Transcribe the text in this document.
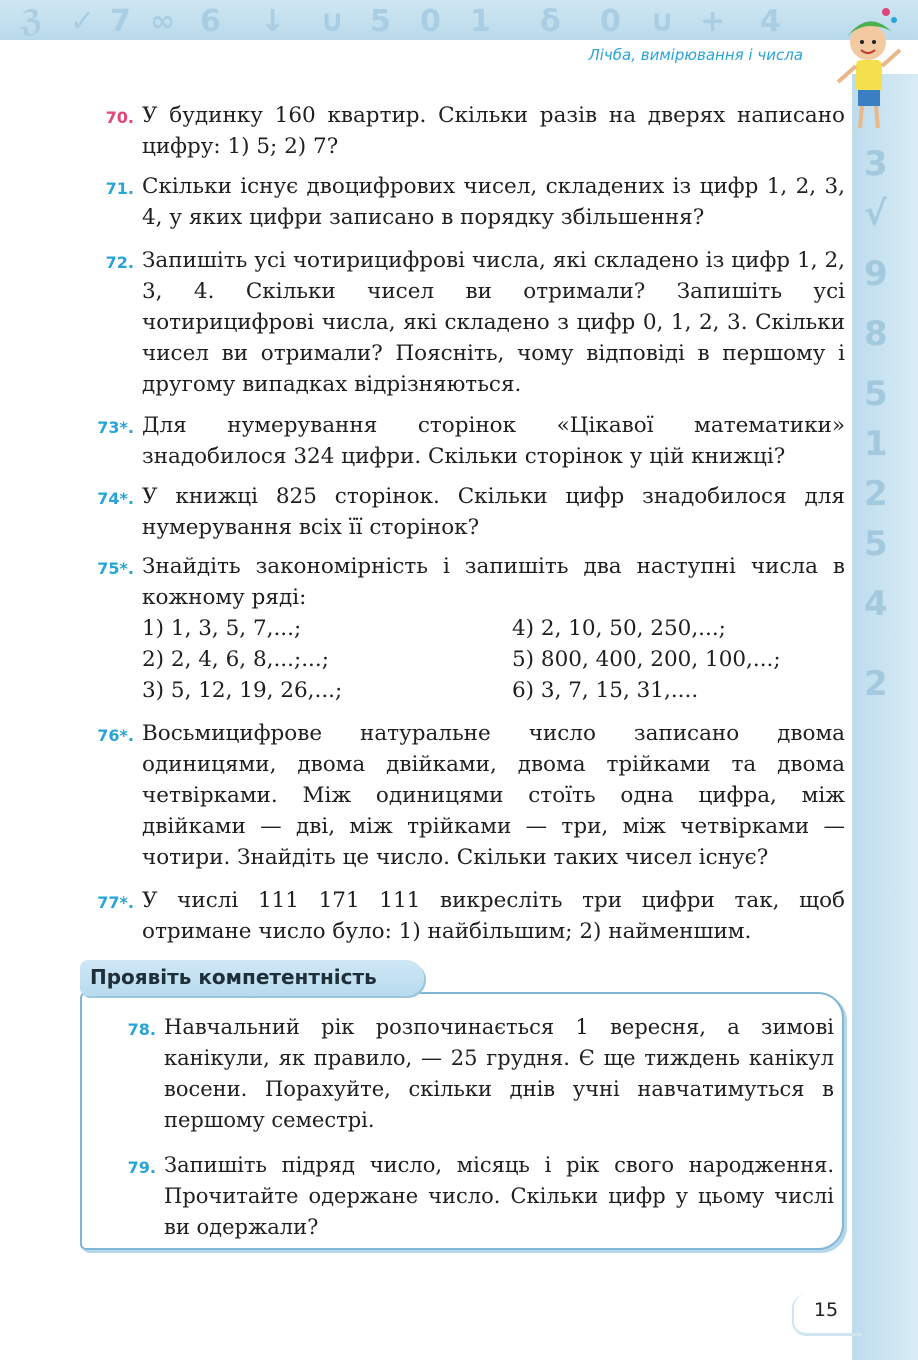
ℨ ✓ 7 ∞ 6 ↓ ∪ 5 0 1 δ 0 ∪ + 4
Лічба, вимірювання і числа
3
√
9
8
5
1
2
5
4
2
70. У будинку 160 квартир. Скільки разів на дверях написано цифру: 1) 5; 2) 7?
71. Скільки існує двоцифрових чисел, складених із цифр 1, 2, 3, 4, у яких цифри записано в порядку збільшення?
72. Запишіть усі чотирицифрові числа, які складено із цифр 1, 2, 3, 4. Скільки чисел ви отримали? Запишіть усі чотирицифрові числа, які складено з цифр 0, 1, 2, 3. Скільки чисел ви отримали? Поясніть, чому відповіді в першому і другому випадках відрізняються.
73*. Для нумерування сторінок «Цікавої математики» знадобилося 324 цифри. Скільки сторінок у цій книжці?
74*. У книжці 825 сторінок. Скільки цифр знадобилося для нумерування всіх її сторінок?
75*. Знайдіть закономірність і запишіть два наступні числа в кожному ряді:
1) 1, 3, 5, 7,...;	4) 2, 10, 50, 250,...;
2) 2, 4, 6, 8,...;...;	5) 800, 400, 200, 100,...;
3) 5, 12, 19, 26,...;	6) 3, 7, 15, 31,....
76*. Восьмицифрове натуральне число записано двома одиницями, двома двійками, двома трійками та двома четвірками. Між одиницями стоїть одна цифра, між двійками — дві, між трійками — три, між четвірками — чотири. Знайдіть це число. Скільки таких чисел існує?
77*. У числі 111 171 111 викресліть три цифри так, щоб отримане число було: 1) найбільшим; 2) найменшим.
78. Навчальний рік розпочинається 1 вересня, а зимові канікули, як правило, — 25 грудня. Є ще тиждень канікул восени. Порахуйте, скільки днів учні навчатимуться в першому семестрі.
79. Запишіть підряд число, місяць і рік свого народження. Прочитайте одержане число. Скільки цифр у цьому числі ви одержали?
Проявіть компетентність
15
